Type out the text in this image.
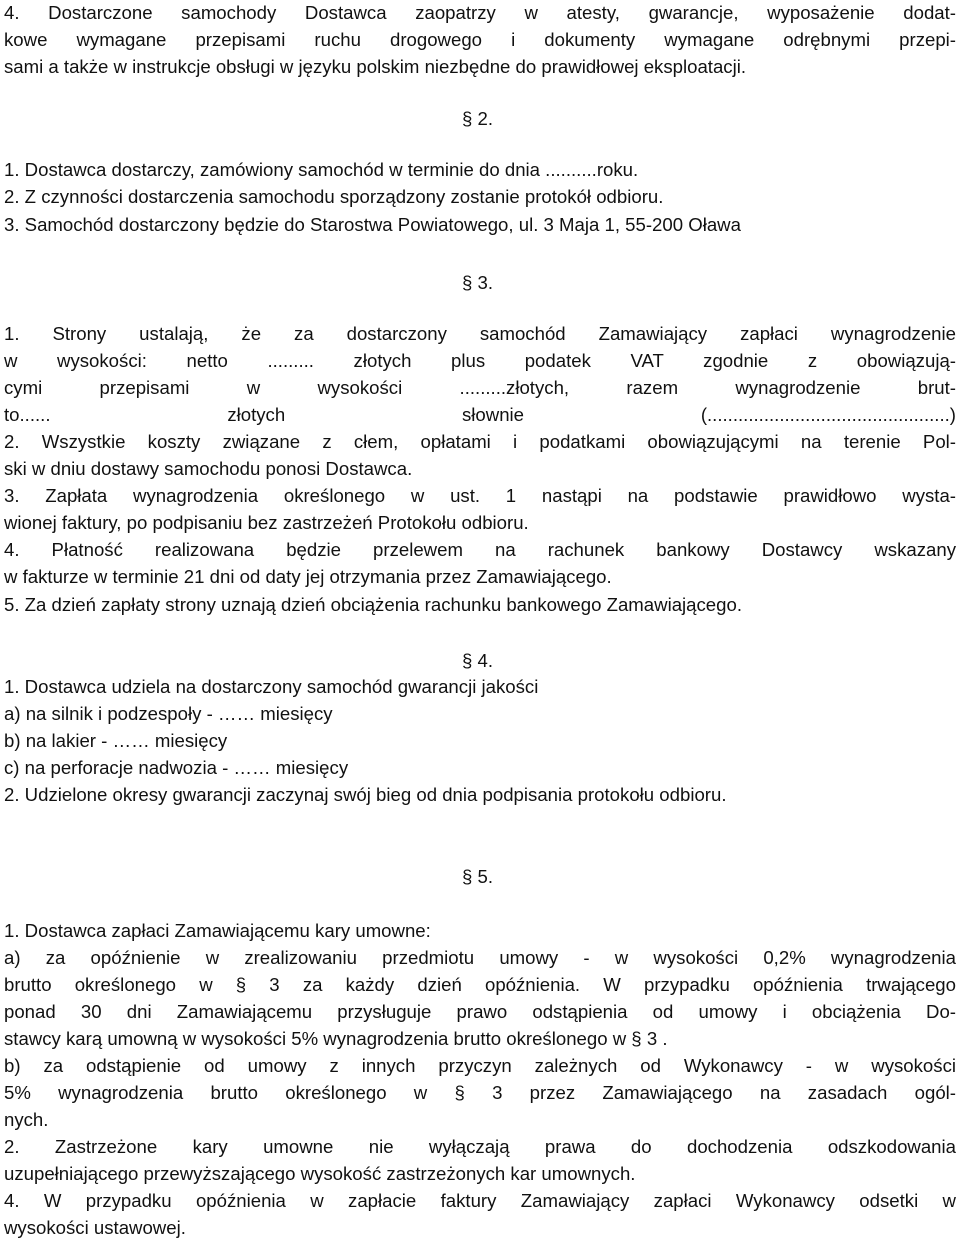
4. Dostarczone samochody Dostawca zaopatrzy w atesty, gwarancje, wyposażenie dodat-
kowe wymagane przepisami ruchu drogowego i dokumenty wymagane odrębnymi przepi-
sami a także w instrukcje obsługi w języku polskim niezbędne do prawidłowej eksploatacji.
§ 2.
1. Dostawca dostarczy, zamówiony samochód w terminie do dnia ..........roku.
2. Z czynności dostarczenia samochodu sporządzony zostanie protokół odbioru.
3. Samochód dostarczony będzie do Starostwa Powiatowego, ul. 3 Maja 1, 55-200 Oława
§ 3.
1. Strony ustalają, że za dostarczony samochód Zamawiający zapłaci wynagrodzenie
w wysokości: netto ......... złotych plus podatek VAT zgodnie z obowiązują-
cymi przepisami w wysokości .........złotych, razem wynagrodzenie brut-
to...... złotych słownie (...............................................)
2. Wszystkie koszty związane z cłem, opłatami i podatkami obowiązującymi na terenie Pol-
ski w dniu dostawy samochodu ponosi Dostawca.
3. Zapłata wynagrodzenia określonego w ust. 1 nastąpi na podstawie prawidłowo wysta-
wionej faktury, po podpisaniu bez zastrzeżeń Protokołu odbioru.
4. Płatność realizowana będzie przelewem na rachunek bankowy Dostawcy wskazany
w fakturze w terminie 21 dni od daty jej otrzymania przez Zamawiającego.
5. Za dzień zapłaty strony uznają dzień obciążenia rachunku bankowego Zamawiającego.
§ 4.
1. Dostawca udziela na dostarczony samochód gwarancji jakości
a) na silnik i podzespoły - …… miesięcy
b) na lakier - …… miesięcy
c) na perforacje nadwozia - …… miesięcy
2. Udzielone okresy gwarancji zaczynaj swój bieg od dnia podpisania protokołu odbioru.
§ 5.
1. Dostawca zapłaci Zamawiającemu kary umowne:
a) za opóźnienie w zrealizowaniu przedmiotu umowy - w wysokości 0,2% wynagrodzenia
brutto określonego w § 3 za każdy dzień opóźnienia. W przypadku opóźnienia trwającego
ponad 30 dni Zamawiającemu przysługuje prawo odstąpienia od umowy i obciążenia Do-
stawcy karą umowną w wysokości 5% wynagrodzenia brutto określonego w § 3 .
b) za odstąpienie od umowy z innych przyczyn zależnych od Wykonawcy - w wysokości
5% wynagrodzenia brutto określonego w § 3 przez Zamawiającego na zasadach ogól-
nych.
2. Zastrzeżone kary umowne nie wyłączają prawa do dochodzenia odszkodowania
uzupełniającego przewyższającego wysokość zastrzeżonych kar umownych.
4. W przypadku opóźnienia w zapłacie faktury Zamawiający zapłaci Wykonawcy odsetki w
wysokości ustawowej.
